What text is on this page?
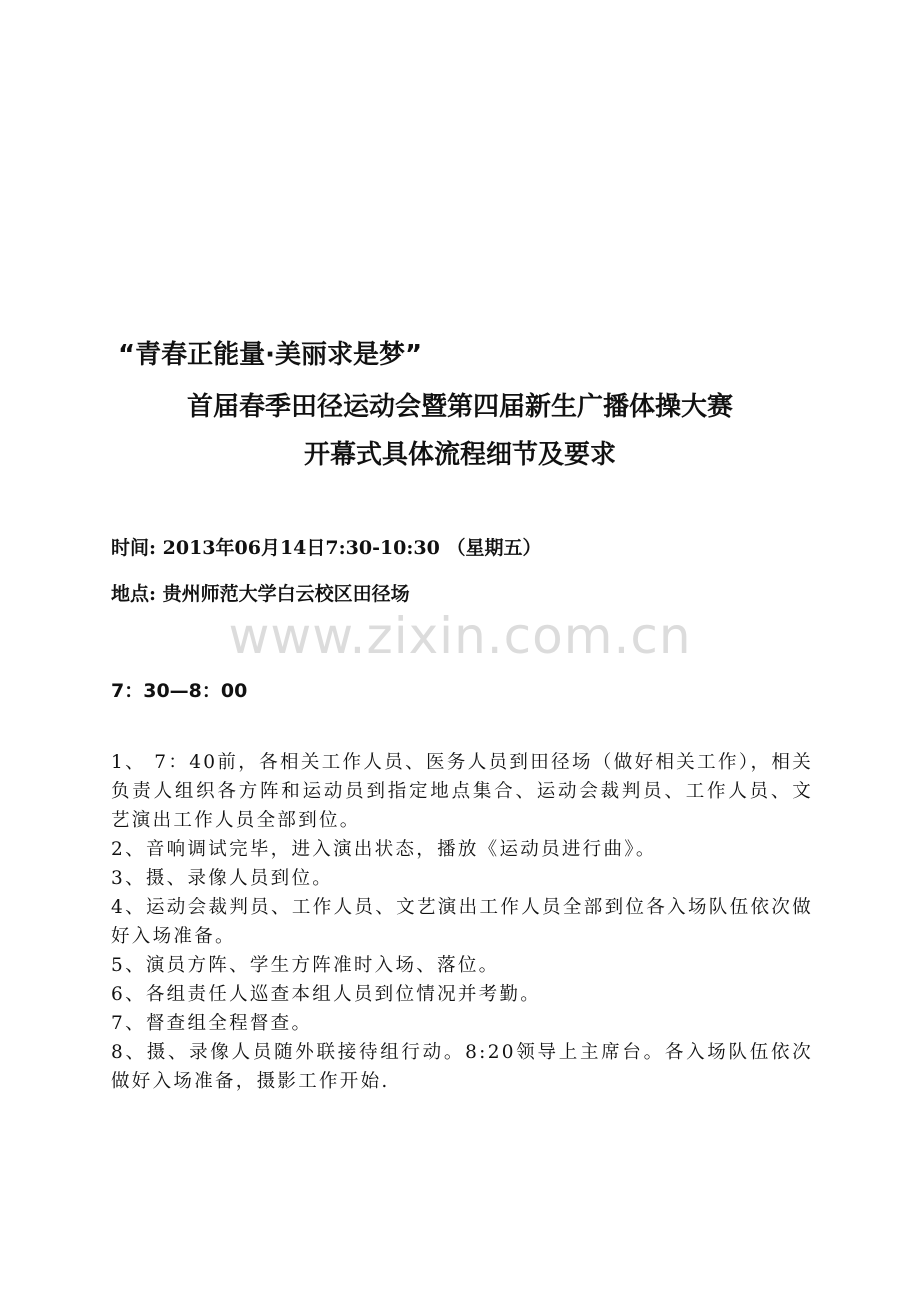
“青春正能量·美丽求是梦”
首届春季田径运动会暨第四届新生广播体操大赛
开幕式具体流程细节及要求
时间: 2013年06月14日7:30-10:30 （星期五）
地点: 贵州师范大学白云校区田径场
www.zixin.com.cn
7：30—8：00

1、 7：40前，各相关工作人员、医务人员到田径场（做好相关工作），相关负责人组织各方阵和运动员到指定地点集合、运动会裁判员、工作人员、文艺演出工作人员全部到位。

2、音响调试完毕，进入演出状态，播放《运动员进行曲》。

3、摄、录像人员到位。

4、运动会裁判员、工作人员、文艺演出工作人员全部到位各入场队伍依次做好入场准备。

5、演员方阵、学生方阵准时入场、落位。

6、各组责任人巡查本组人员到位情况并考勤。

7、督查组全程督查。

8、摄、录像人员随外联接待组行动。8:20领导上主席台。各入场队伍依次做好入场准备，摄影工作开始.
